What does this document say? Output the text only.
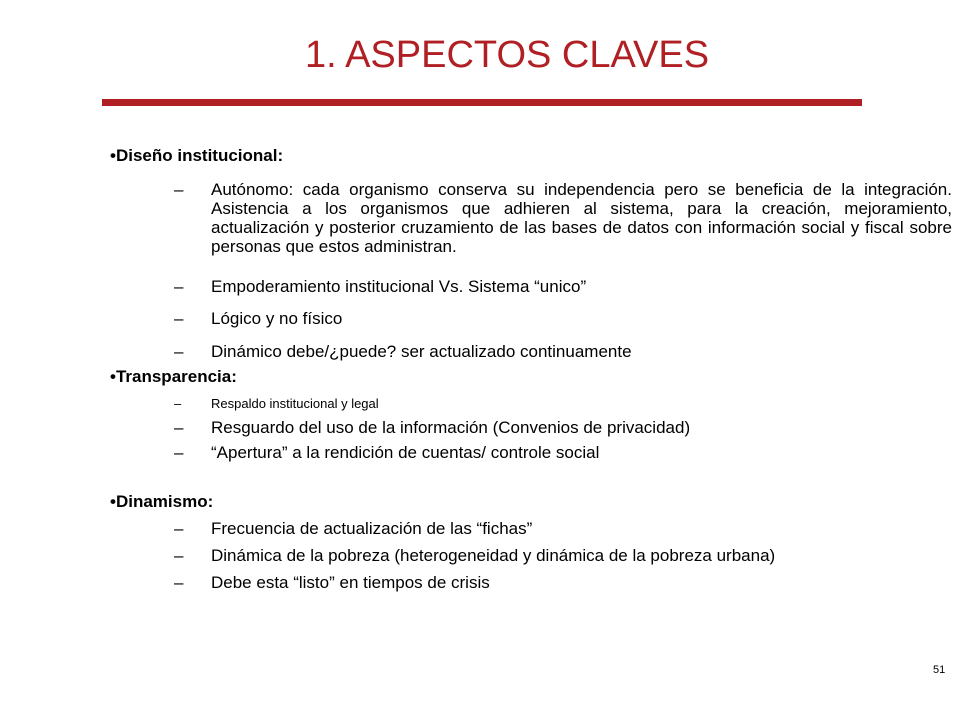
1. ASPECTOS CLAVES
•Diseño institucional:
– Autónomo: cada organismo conserva su independencia pero se beneficia de la integración. Asistencia a los organismos que adhieren al sistema, para la creación, mejoramiento, actualización y posterior cruzamiento de las bases de datos con información social y fiscal sobre personas que estos administran.
– Empoderamiento institucional Vs. Sistema “unico”
– Lógico y no físico
– Dinámico debe/¿puede? ser actualizado continuamente
•Transparencia:
– Respaldo institucional y legal
– Resguardo del uso de la información (Convenios de privacidad)
– “Apertura” a la rendición de cuentas/ controle social
•Dinamismo:
– Frecuencia de actualización de las “fichas”
– Dinámica de la pobreza (heterogeneidad y dinámica de la pobreza urbana)
– Debe esta “listo” en tiempos de crisis
51
